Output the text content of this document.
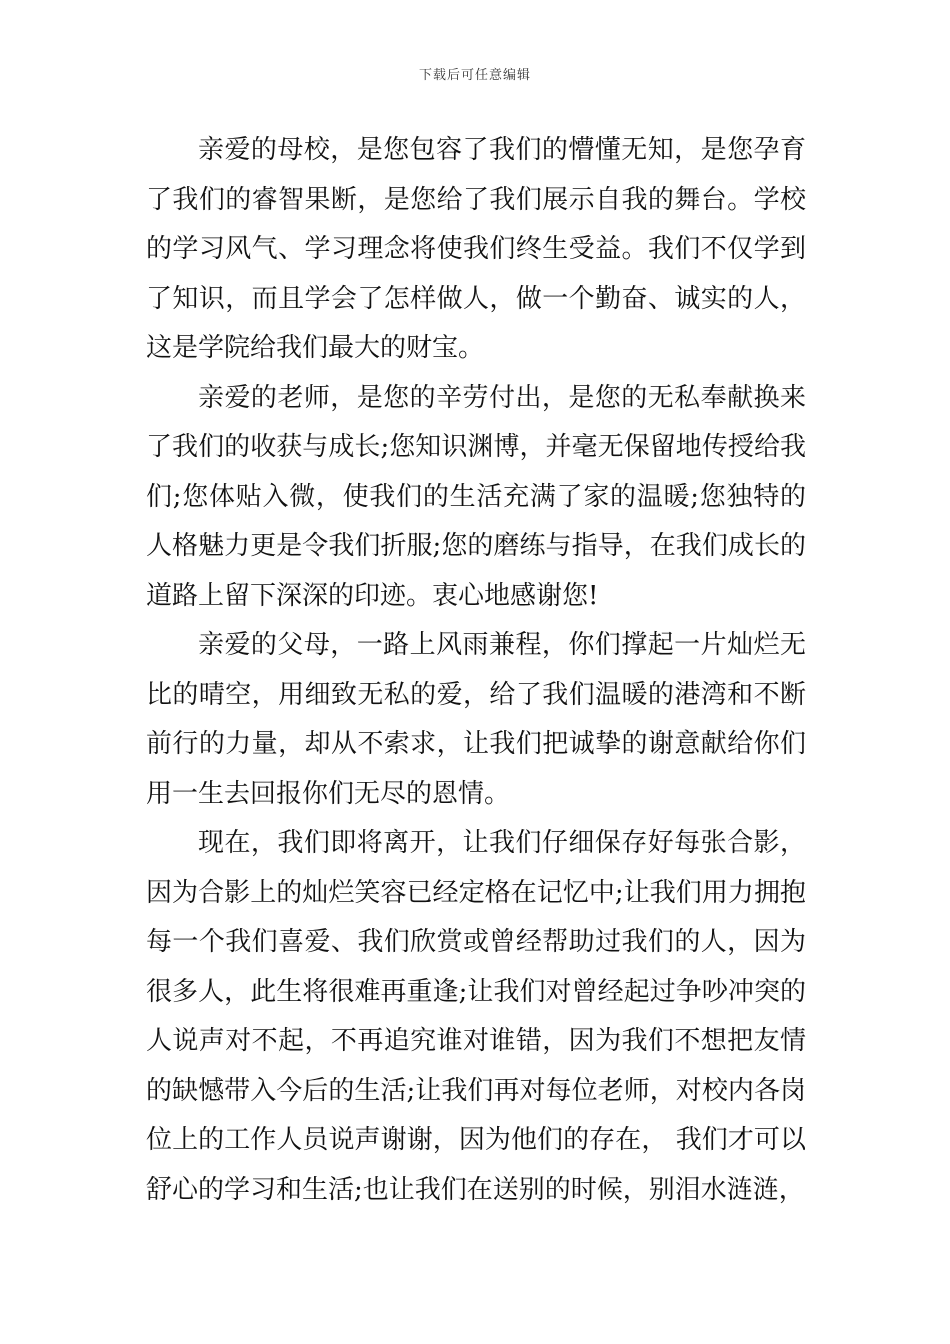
下载后可任意编辑

亲爱的母校，是您包容了我们的懵懂无知，是您孕育了我们的睿智果断，是您给了我们展示自我的舞台。学校的学习风气、学习理念将使我们终生受益。我们不仅学到了知识，而且学会了怎样做人，做一个勤奋、诚实的人，这是学院给我们最大的财宝。

亲爱的老师，是您的辛劳付出，是您的无私奉献换来了我们的收获与成长;您知识渊博，并毫无保留地传授给我们;您体贴入微，使我们的生活充满了家的温暖;您独特的人格魅力更是令我们折服;您的磨练与指导，在我们成长的道路上留下深深的印迹。衷心地感谢您!

亲爱的父母，一路上风雨兼程，你们撑起一片灿烂无比的晴空，用细致无私的爱，给了我们温暖的港湾和不断前行的力量，却从不索求，让我们把诚挚的谢意献给你们用一生去回报你们无尽的恩情。

现在，我们即将离开，让我们仔细保存好每张合影，因为合影上的灿烂笑容已经定格在记忆中;让我们用力拥抱每一个我们喜爱、我们欣赏或曾经帮助过我们的人，因为很多人，此生将很难再重逢;让我们对曾经起过争吵冲突的人说声对不起，不再追究谁对谁错，因为我们不想把友情的缺憾带入今后的生活;让我们再对每位老师，对校内各岗位上的工作人员说声谢谢，因为他们的存在， 我们才可以舒心的学习和生活;也让我们在送别的时候，别泪水涟涟，
